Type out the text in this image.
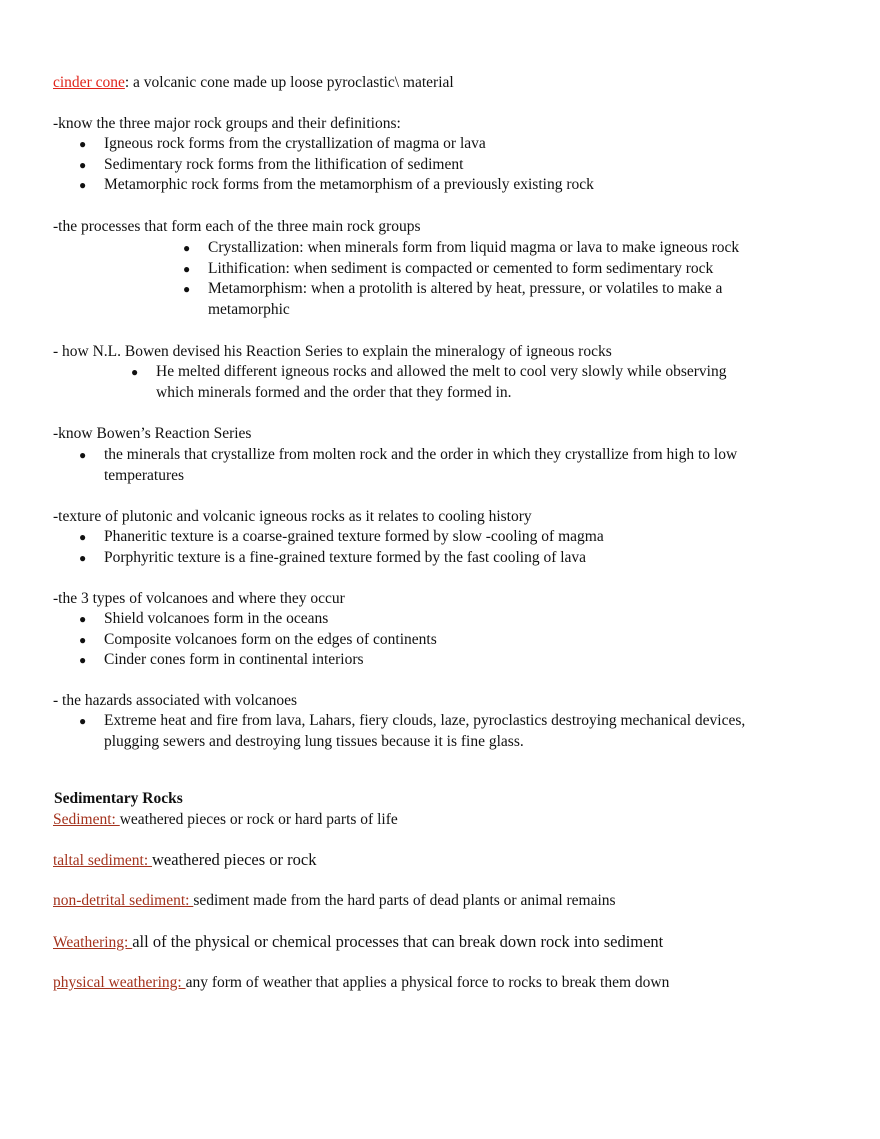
cinder cone: a volcanic cone made up loose pyroclastic\ material
-know the three major rock groups and their definitions:
● Igneous rock forms from the crystallization of magma or lava
● Sedimentary rock forms from the lithification of sediment
● Metamorphic rock forms from the metamorphism of a previously existing rock
-the processes that form each of the three main rock groups
● Crystallization: when minerals form from liquid magma or lava to make igneous rock
● Lithification: when sediment is compacted or cemented to form sedimentary rock
● Metamorphism: when a protolith is altered by heat, pressure, or volatiles to make a
metamorphic
- how N.L. Bowen devised his Reaction Series to explain the mineralogy of igneous rocks
● He melted different igneous rocks and allowed the melt to cool very slowly while observing
which minerals formed and the order that they formed in.
-know Bowen’s Reaction Series
● the minerals that crystallize from molten rock and the order in which they crystallize from high to low
temperatures
-texture of plutonic and volcanic igneous rocks as it relates to cooling history
● Phaneritic texture is a coarse-grained texture formed by slow -cooling of magma
● Porphyritic texture is a fine-grained texture formed by the fast cooling of lava
-the 3 types of volcanoes and where they occur
● Shield volcanoes form in the oceans
● Composite volcanoes form on the edges of continents
● Cinder cones form in continental interiors
- the hazards associated with volcanoes
● Extreme heat and fire from lava, Lahars, fiery clouds, laze, pyroclastics destroying mechanical devices,
plugging sewers and destroying lung tissues because it is fine glass.
Sedimentary Rocks
Sediment: weathered pieces or rock or hard parts of life
taltal sediment: weathered pieces or rock
non-detrital sediment: sediment made from the hard parts of dead plants or animal remains
Weathering: all of the physical or chemical processes that can break down rock into sediment
physical weathering: any form of weather that applies a physical force to rocks to break them down
